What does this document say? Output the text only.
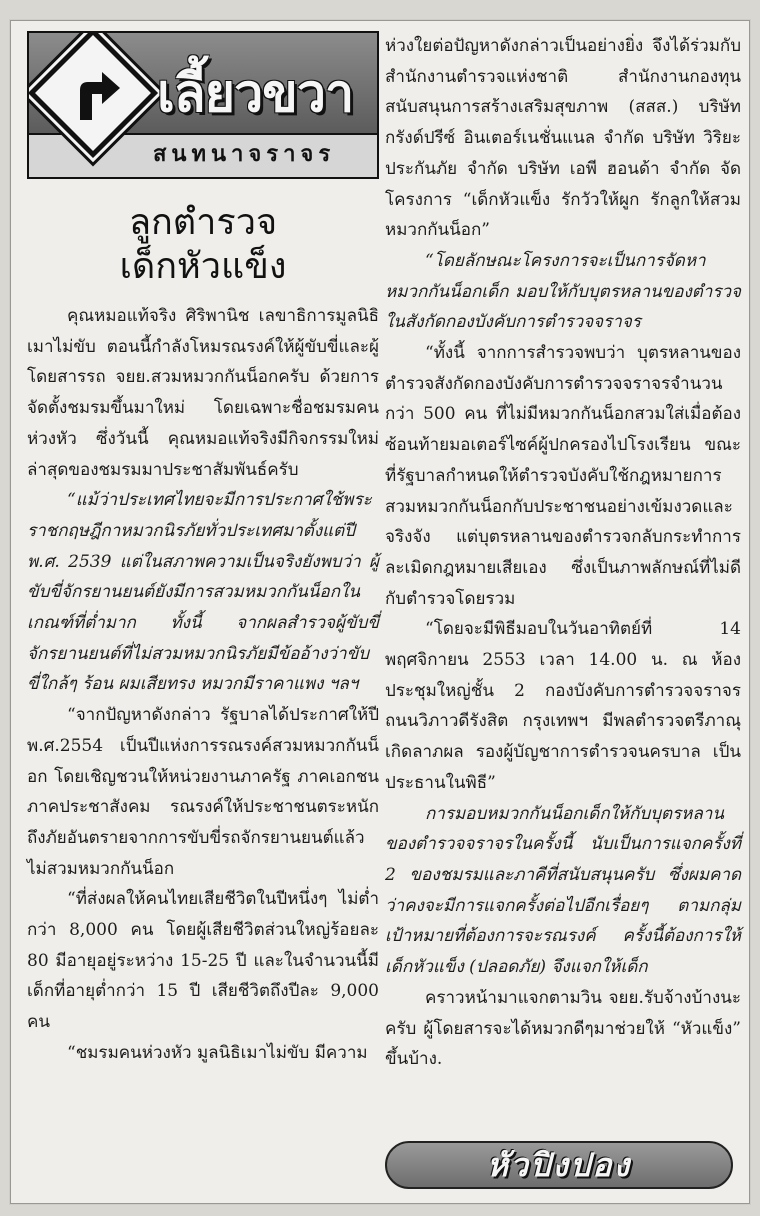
เลี้ยวขวา
สนทนาจราจร
ลูกตำรวจ
เด็กหัวแข็ง

คุณหมอแท้จริง ศิริพานิช เลขาธิการมูลนิธิเมาไม่ขับ ตอนนี้กำลังโหมรณรงค์ให้ผู้ขับขี่และผู้โดยสารรถ จยย.สวมหมวกกันน็อกครับ ด้วยการจัดตั้งชมรมขึ้นมาใหม่ โดยเฉพาะชื่อชมรมคนห่วงหัว ซึ่งวันนี้ คุณหมอแท้จริงมีกิจกรรมใหม่ล่าสุดของชมรมมาประชาสัมพันธ์ครับ

“แม้ว่าประเทศไทยจะมีการประกาศใช้พระราชกฤษฎีกาหมวกนิรภัยทั่วประเทศมาตั้งแต่ปี พ.ศ. 2539 แต่ในสภาพความเป็นจริงยังพบว่า ผู้ขับขี่จักรยานยนต์ยังมีการสวมหมวกกันน็อกในเกณฑ์ที่ต่ำมาก ทั้งนี้ จากผลสำรวจผู้ขับขี่จักรยานยนต์ที่ไม่สวมหมวกนิรภัยมีข้ออ้างว่าขับขี่ใกล้ๆ ร้อน ผมเสียทรง หมวกมีราคาแพง ฯลฯ

“จากปัญหาดังกล่าว รัฐบาลได้ประกาศให้ปี พ.ศ.2554 เป็นปีแห่งการรณรงค์สวมหมวกกันน็อก โดยเชิญชวนให้หน่วยงานภาครัฐ ภาคเอกชน ภาคประชาสังคม รณรงค์ให้ประชาชนตระหนักถึงภัยอันตรายจากการขับขี่รถจักรยานยนต์แล้วไม่สวมหมวกกันน็อก

“ที่ส่งผลให้คนไทยเสียชีวิตในปีหนึ่งๆ ไม่ต่ำกว่า 8,000 คน โดยผู้เสียชีวิตส่วนใหญ่ร้อยละ 80 มีอายุอยู่ระหว่าง 15-25 ปี และในจำนวนนี้มีเด็กที่อายุต่ำกว่า 15 ปี เสียชีวิตถึงปีละ 9,000 คน

“ชมรมคนห่วงหัว มูลนิธิเมาไม่ขับ มีความ

ห่วงใยต่อปัญหาดังกล่าวเป็นอย่างยิ่ง จึงได้ร่วมกับ สำนักงานตำรวจแห่งชาติ สำนักงานกองทุนสนับสนุนการสร้างเสริมสุขภาพ (สสส.) บริษัท กรังด์ปรีซ์ อินเตอร์เนชั่นแนล จำกัด บริษัท วิริยะประกันภัย จำกัด บริษัท เอพี ฮอนด้า จำกัด จัดโครงการ “เด็กหัวแข็ง รักวัวให้ผูก รักลูกให้สวมหมวกกันน็อก”

“โดยลักษณะโครงการจะเป็นการจัดหาหมวกกันน็อกเด็ก มอบให้กับบุตรหลานของตำรวจในสังกัดกองบังคับการตำรวจจราจร

“ทั้งนี้ จากการสำรวจพบว่า บุตรหลานของตำรวจสังกัดกองบังคับการตำรวจจราจรจำนวนกว่า 500 คน ที่ไม่มีหมวกกันน็อกสวมใส่เมื่อต้องซ้อนท้ายมอเตอร์ไซค์ผู้ปกครองไปโรงเรียน ขณะที่รัฐบาลกำหนดให้ตำรวจบังคับใช้กฎหมายการสวมหมวกกันน็อกกับประชาชนอย่างเข้มงวดและจริงจัง แต่บุตรหลานของตำรวจกลับกระทำการละเมิดกฎหมายเสียเอง ซึ่งเป็นภาพลักษณ์ที่ไม่ดีกับตำรวจโดยรวม

“โดยจะมีพิธีมอบในวันอาทิตย์ที่ 14 พฤศจิกายน 2553 เวลา 14.00 น. ณ ห้องประชุมใหญ่ชั้น 2 กองบังคับการตำรวจจราจร ถนนวิภาวดีรังสิต กรุงเทพฯ มีพลตำรวจตรีภาณุ เกิดลาภผล รองผู้บัญชาการตำรวจนครบาล เป็นประธานในพิธี”

การมอบหมวกกันน็อกเด็กให้กับบุตรหลานของตำรวจจราจรในครั้งนี้ นับเป็นการแจกครั้งที่ 2 ของชมรมและภาคีที่สนับสนุนครับ ซึ่งผมคาดว่าคงจะมีการแจกครั้งต่อไปอีกเรื่อยๆ ตามกลุ่มเป้าหมายที่ต้องการจะรณรงค์ ครั้งนี้ต้องการให้เด็กหัวแข็ง (ปลอดภัย) จึงแจกให้เด็ก

คราวหน้ามาแจกตามวิน จยย.รับจ้างบ้างนะครับ ผู้โดยสารจะได้หมวกดีๆมาช่วยให้ “หัวแข็ง” ขึ้นบ้าง.

หัวปิงปอง
